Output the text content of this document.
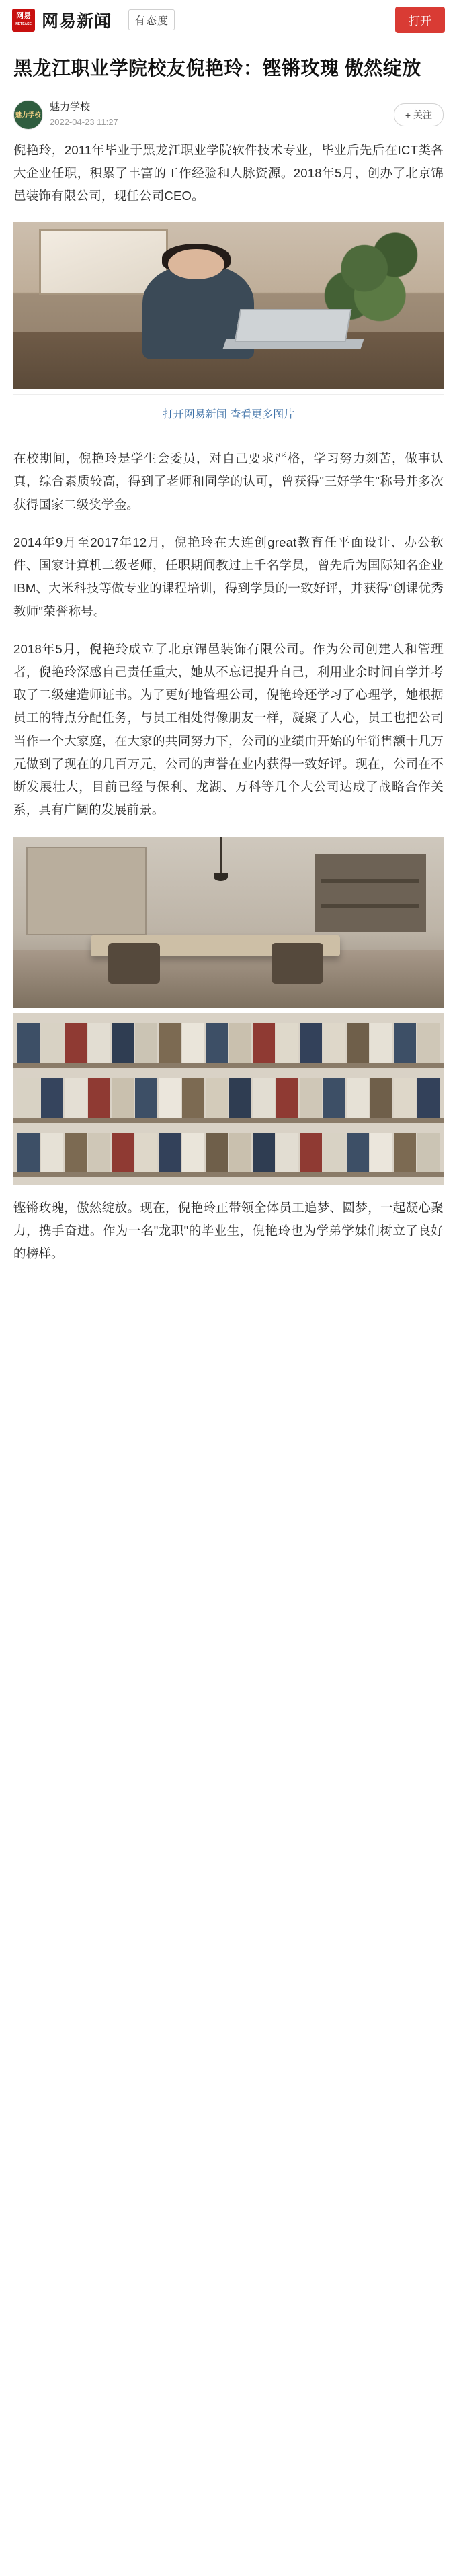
网易
NETEASE 网易新闻	有态度	打开
黑龙江职业学院校友倪艳玲：铿锵玫瑰 傲然绽放
魅力学校
魅力学校
2022-04-23 11:27
+ 关注

倪艳玲，2011年毕业于黑龙江职业学院软件技术专业，毕业后先后在ICT类各大企业任职，积累了丰富的工作经验和人脉资源。2018年5月，创办了北京锦邑装饰有限公司，现任公司CEO。

打开网易新闻 查看更多图片

在校期间，倪艳玲是学生会委员，对自己要求严格，学习努力刻苦，做事认真，综合素质较高，得到了老师和同学的认可，曾获得"三好学生"称号并多次获得国家二级奖学金。

2014年9月至2017年12月，倪艳玲在大连创great教育任平面设计、办公软件、国家计算机二级老师，任职期间教过上千名学员，曾先后为国际知名企业IBM、大米科技等做专业的课程培训，得到学员的一致好评，并获得"创课优秀教师"荣誉称号。

2018年5月，倪艳玲成立了北京锦邑装饰有限公司。作为公司创建人和管理者，倪艳玲深感自己责任重大，她从不忘记提升自己，利用业余时间自学并考取了二级建造师证书。为了更好地管理公司，倪艳玲还学习了心理学，她根据员工的特点分配任务，与员工相处得像朋友一样，凝聚了人心，员工也把公司当作一个大家庭，在大家的共同努力下，公司的业绩由开始的年销售额十几万元做到了现在的几百万元，公司的声誉在业内获得一致好评。现在，公司在不断发展壮大，目前已经与保利、龙湖、万科等几个大公司达成了战略合作关系，具有广阔的发展前景。

铿锵玫瑰，傲然绽放。现在，倪艳玲正带领全体员工追梦、圆梦，一起凝心聚力，携手奋进。作为一名"龙职"的毕业生，倪艳玲也为学弟学妹们树立了良好的榜样。
